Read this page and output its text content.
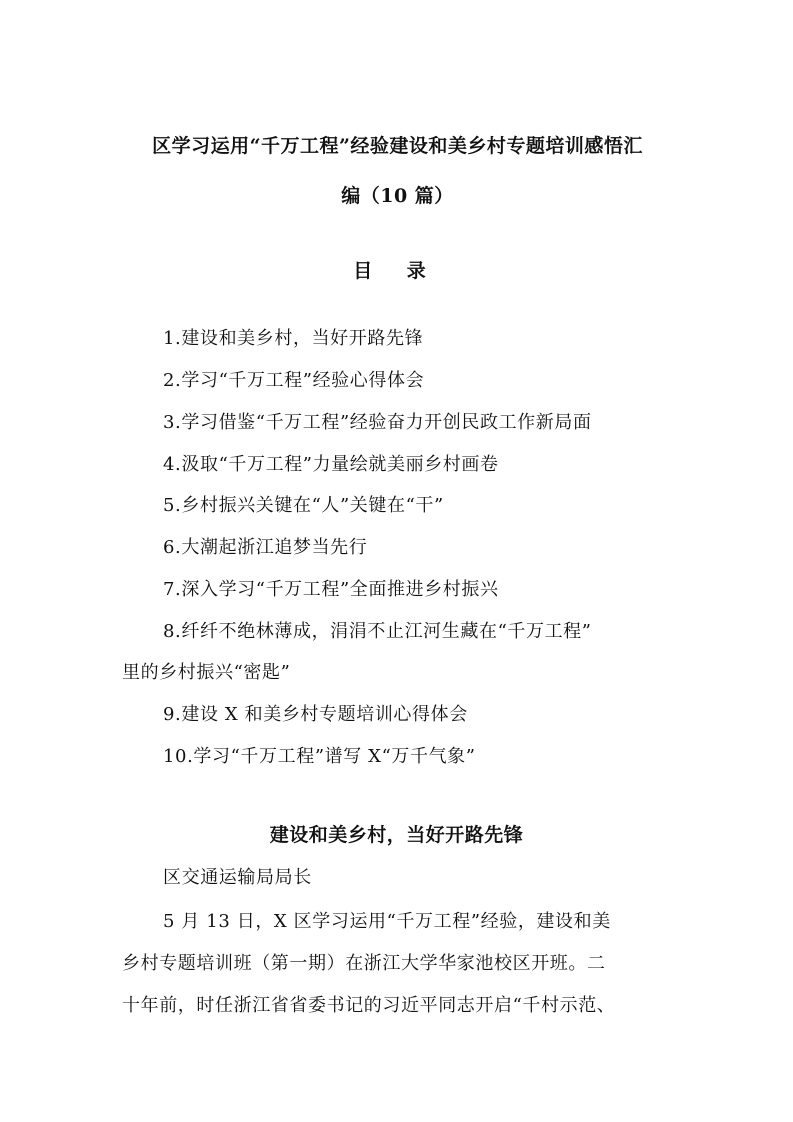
区学习运用“千万工程”经验建设和美乡村专题培训感悟汇
编（10 篇）
目 录
1.建设和美乡村，当好开路先锋
2.学习“千万工程”经验心得体会
3.学习借鉴“千万工程”经验奋力开创民政工作新局面
4.汲取“千万工程”力量绘就美丽乡村画卷
5.乡村振兴关键在“人”关键在“干”
6.大潮起浙江追梦当先行
7.深入学习“千万工程”全面推进乡村振兴
8.纤纤不绝林薄成，涓涓不止江河生藏在“千万工程”
里的乡村振兴“密匙”
9.建设 X 和美乡村专题培训心得体会
10.学习“千万工程”谱写 X“万千气象”
建设和美乡村，当好开路先锋
区交通运输局局长
5 月 13 日，X 区学习运用“千万工程”经验，建设和美
乡村专题培训班（第一期）在浙江大学华家池校区开班。二
十年前，时任浙江省省委书记的习近平同志开启“千村示范、
